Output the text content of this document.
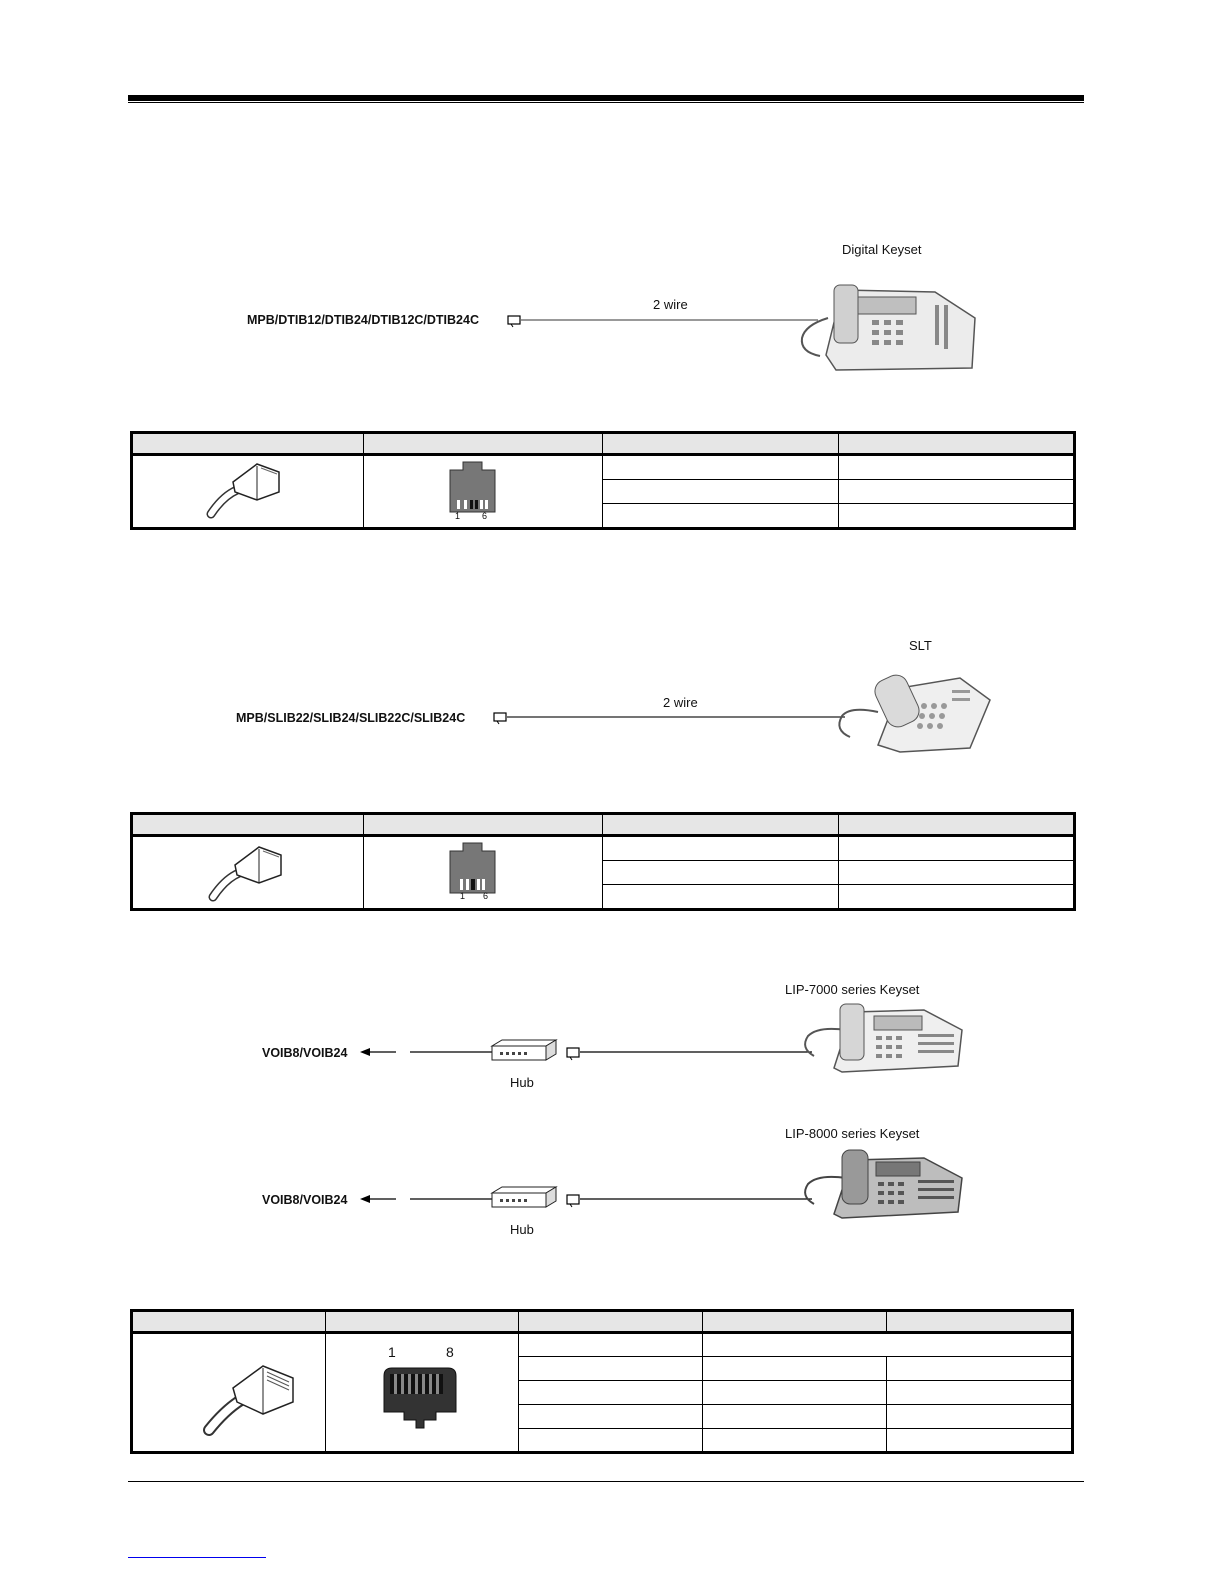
Digital Keyset
2 wire
MPB/DTIB12/DTIB24/DTIB12C/DTIB24C

1 6		

SLT
2 wire
MPB/SLIB22/SLIB24/SLIB22C/SLIB24C

1 6		

LIP-7000 series Keyset
VOIB8/VOIB24
Hub
LIP-8000 series Keyset
VOIB8/VOIB24
Hub

1 8			
